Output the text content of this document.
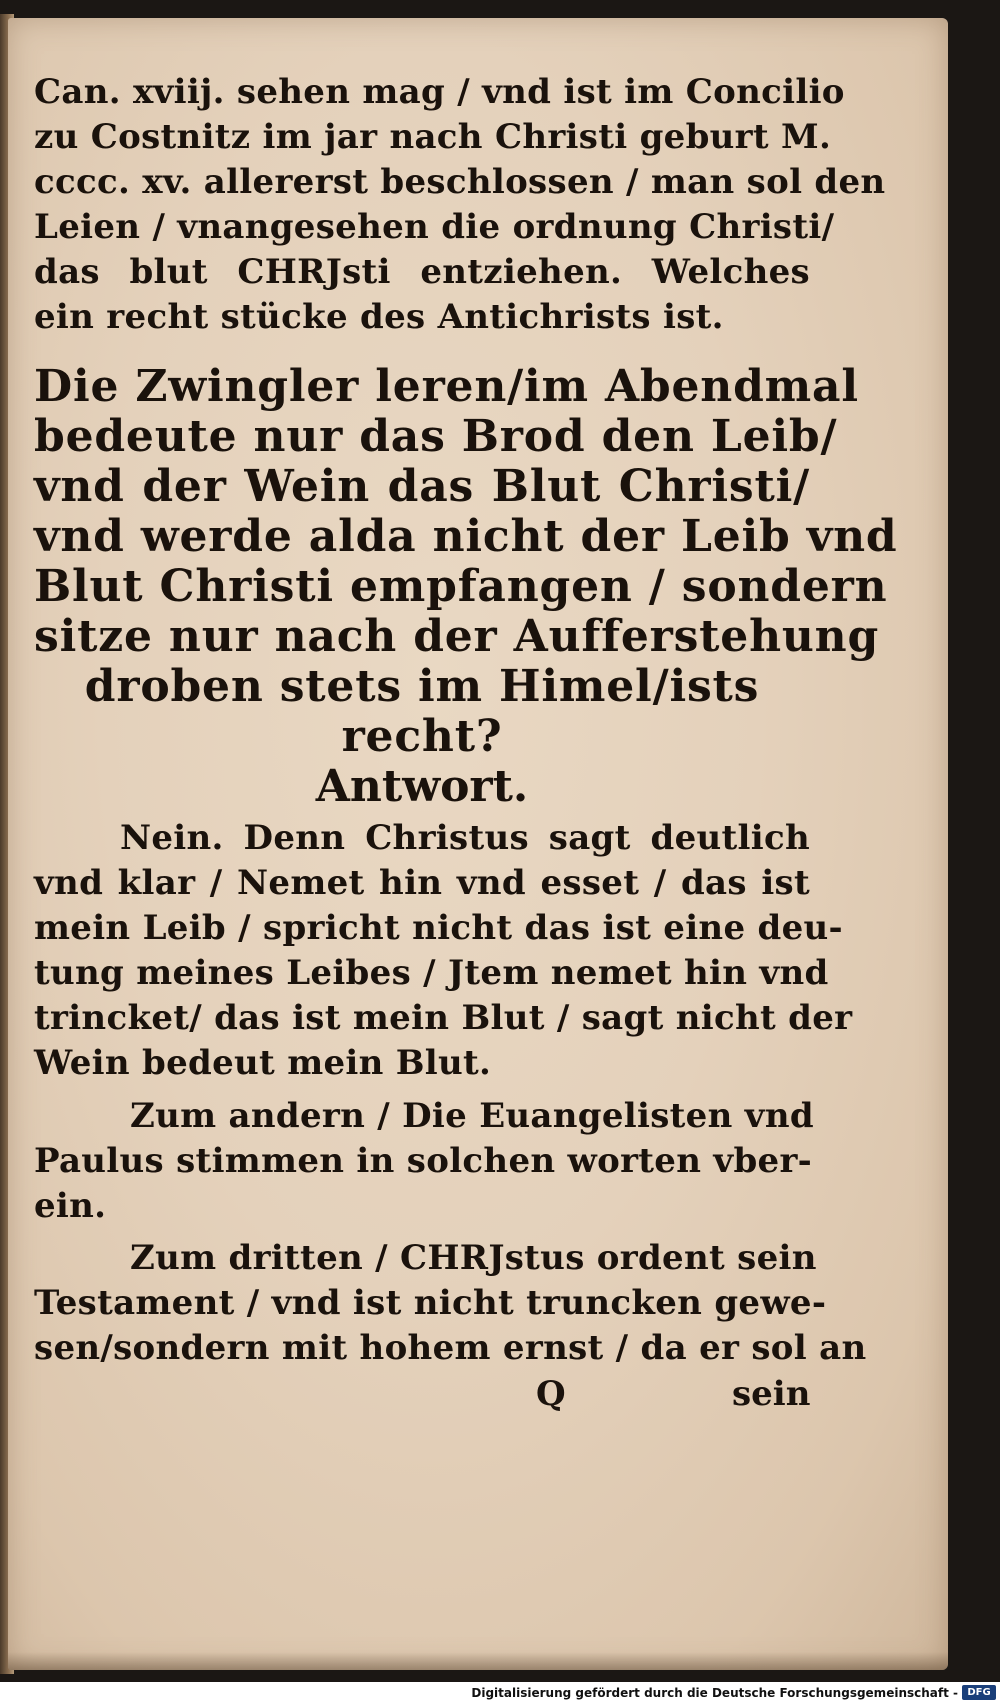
Can. xviij. sehen mag / vnd ist im Concilio
zu Costnitz im jar nach Christi geburt M.
cccc. xv. allererst beschlossen / man sol den
Leien / vnangesehen die ordnung Christi/
das blut CHRJsti entziehen. Welches
ein recht stücke des Antichrists ist.
Die Zwingler leren/im Abendmal
bedeute nur das Brod den Leib/
vnd der Wein das Blut Christi/
vnd werde alda nicht der Leib vnd
Blut Christi empfangen / sondern
sitze nur nach der Aufferstehung
droben stets im Himel/ists
recht?
Antwort.
Nein. Denn Christus sagt deutlich
vnd klar / Nemet hin vnd esset / das ist
mein Leib / spricht nicht das ist eine deu-
tung meines Leibes / Jtem nemet hin vnd
trincket/ das ist mein Blut / sagt nicht der
Wein bedeut mein Blut.
Zum andern / Die Euangelisten vnd
Paulus stimmen in solchen worten vber-
ein.
Zum dritten / CHRJstus ordent sein
Testament / vnd ist nicht truncken gewe-
sen/sondern mit hohem ernst / da er sol an
Q	sein
Digitalisierung gefördert durch die Deutsche Forschungsgemeinschaft - DFG
